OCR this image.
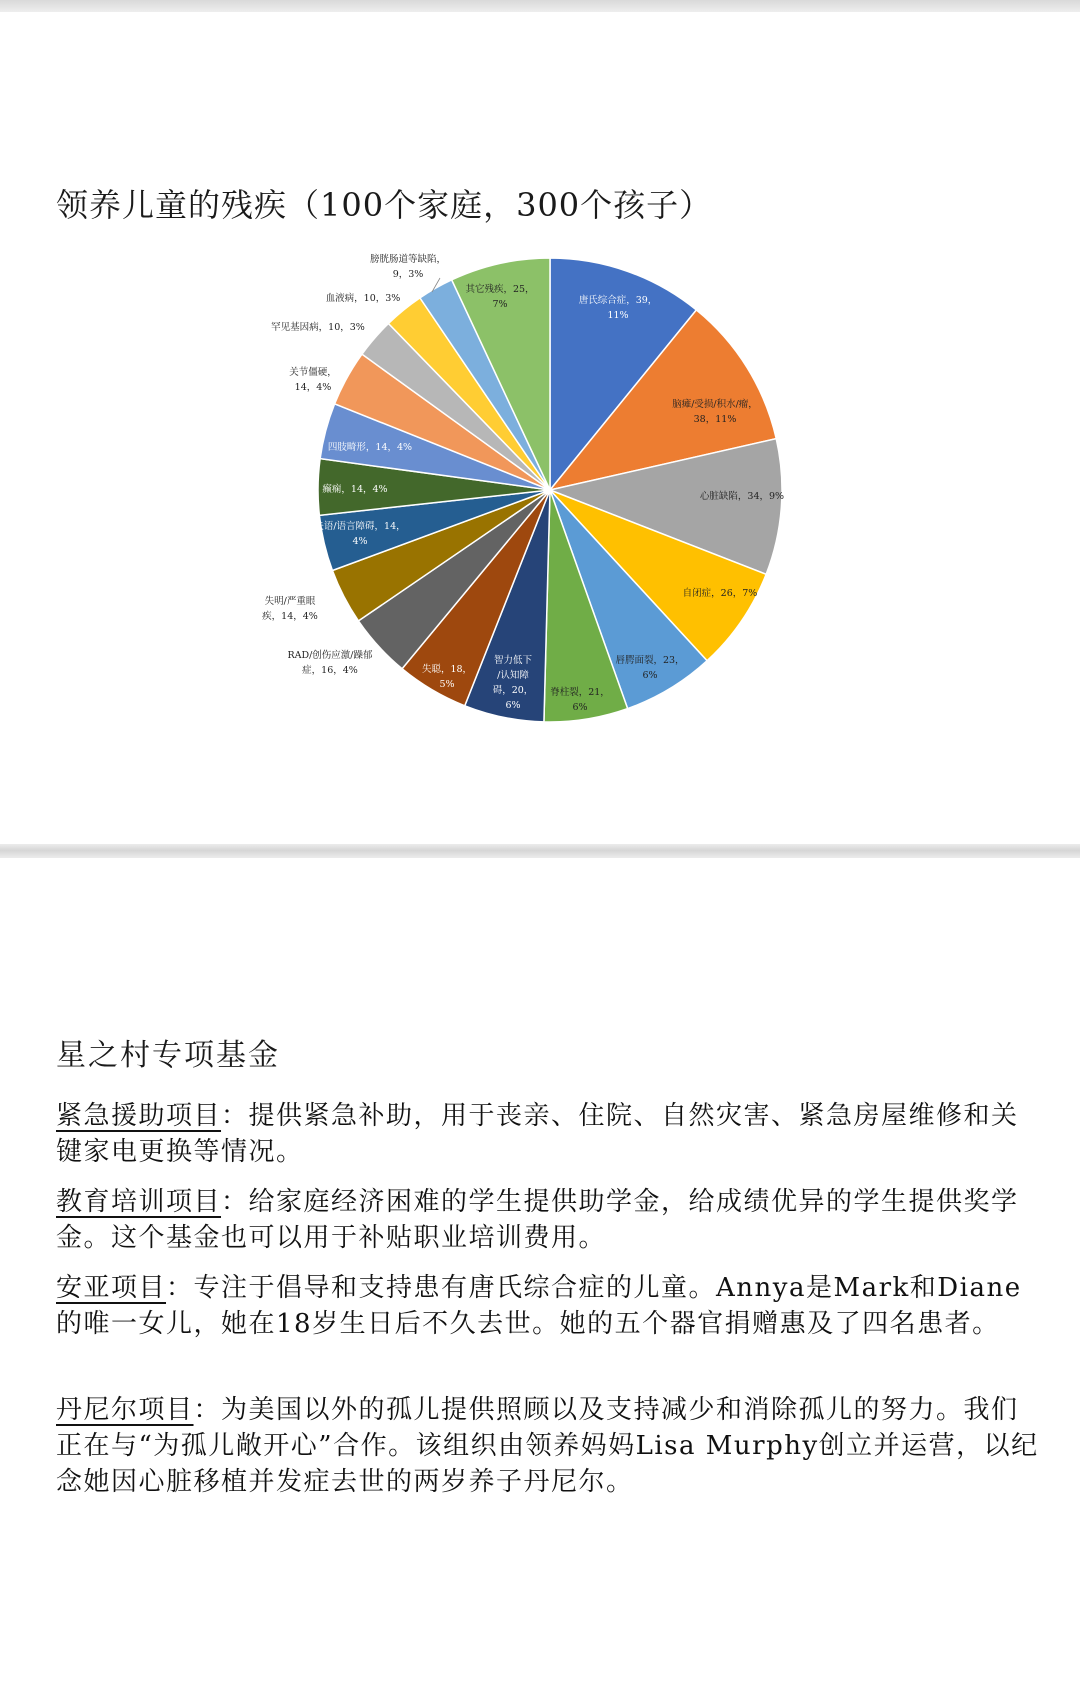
领养儿童的残疾（100个家庭，300个孩子）
唐氏综合症，39， 11%
脑瘫/受损/积水/瘤， 38，11%
心脏缺陷，34，9%
自闭症，26，7%
唇腭面裂，23， 6%
脊柱裂，21， 6%
智力低下/认知障碍，20， 6%
失聪，18， 5%
RAD/创伤应激/躁郁症，16，4%
失明/严重眼疾，14，4%
失语/语言障碍，14， 4%
癫痫，14，4%
四肢畸形，14，4%
关节僵硬， 14，4%
罕见基因病，10，3%
血液病，10，3%
膀胱肠道等缺陷， 9，3%
其它残疾，25， 7%
星之村专项基金
紧急援助项目：提供紧急补助，用于丧亲、住院、自然灾害、紧急房屋维修和关键家电更换等情况。
教育培训项目：给家庭经济困难的学生提供助学金，给成绩优异的学生提供奖学金。这个基金也可以用于补贴职业培训费用。
安亚项目：专注于倡导和支持患有唐氏综合症的儿童。Annya是Mark和Diane的唯一女儿，她在18岁生日后不久去世。她的五个器官捐赠惠及了四名患者。
丹尼尔项目：为美国以外的孤儿提供照顾以及支持减少和消除孤儿的努力。我们正在与“为孤儿敞开心”合作。该组织由领养妈妈Lisa Murphy创立并运营，以纪念她因心脏移植并发症去世的两岁养子丹尼尔。
